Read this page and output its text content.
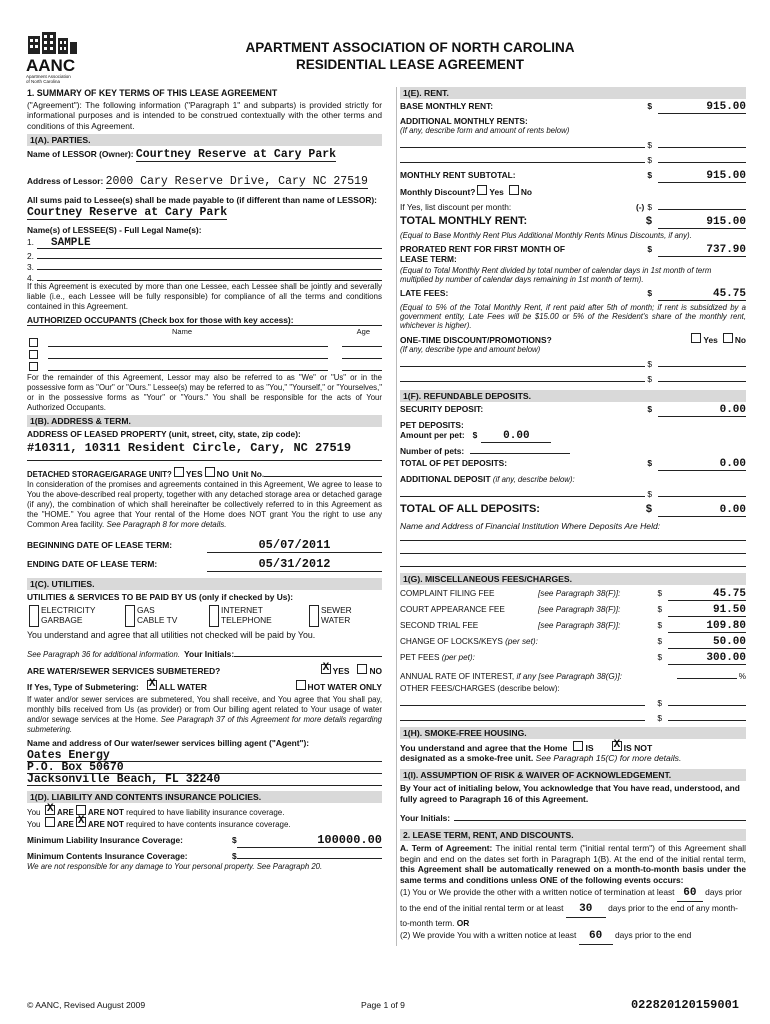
AANC
Apartment Association
of North Carolina
APARTMENT ASSOCIATION OF NORTH CAROLINA
RESIDENTIAL LEASE AGREEMENT
1. SUMMARY OF KEY TERMS OF THIS LEASE AGREEMENT
("Agreement"): The following information ("Paragraph 1" and subparts) is provided strictly for informational purposes and is intended to be construed contextually with the other terms and conditions of this Agreement.
1(A). PARTIES.
Name of LESSOR (Owner): Courtney Reserve at Cary Park
Address of Lessor: 2000 Cary Reserve Drive, Cary NC 27519
All sums paid to Lessee(s) shall be made payable to (if different than name of LESSOR): Courtney Reserve at Cary Park
Name(s) of LESSEE(S) - Full Legal Name(s):
1.	SAMPLE
2.
3.
4.
If this Agreement is executed by more than one Lessee, each Lessee shall be jointly and severally liable (i.e., each Lessee will be fully responsible) for compliance of all the terms and conditions contained in this Agreement.
AUTHORIZED OCCUPANTS (Check box for those with key access):
Name	Age
For the remainder of this Agreement, Lessor may also be referred to as "We" or "Us" or in the possessive form as "Our" or "Ours." Lessee(s) may be referred to as "You," "Yourself," or "Yourselves," or in the possessive forms as "Your" or "Yours." You shall be responsible for the acts of Your Authorized Occupants.
1(B). ADDRESS & TERM.
ADDRESS OF LEASED PROPERTY (unit, street, city, state, zip code):
#10311, 10311 Resident Circle, Cary, NC 27519
DETACHED STORAGE/GARAGE UNIT? YES NO Unit No.
In consideration of the promises and agreements contained in this Agreement, We agree to lease to You the above-described real property, together with any detached storage area or detached garage (if any), the combination of which shall hereinafter be collectively referred to in this Agreement as the "HOME." You agree that Your rental of the Home does NOT grant You the right to use any Common Area facility. See Paragraph 8 for more details.
BEGINNING DATE OF LEASE TERM:	05/07/2011
ENDING DATE OF LEASE TERM:	05/31/2012
1(C). UTILITIES.
UTILITIES & SERVICES TO BE PAID BY US (only if checked by Us):
ELECTRICITY
GARBAGE
GAS
CABLE TV
INTERNET
TELEPHONE
SEWER
WATER
You understand and agree that all utilities not checked will be paid by You.
See Paragraph 36 for additional information. Your Initials:
ARE WATER/SEWER SERVICES SUBMETERED? X	YES NO
If Yes, Type of Submetering: X ALL WATER	HOT WATER ONLY
If water and/or sewer services are submetered, You shall receive, and You agree that You shall pay, monthly bills received from Us (as provider) or from Our billing agent related to Your usage of water and/or sewage services at the Home. See Paragraph 37 of this Agreement for more details regarding submetering.
Name and address of Our water/sewer services billing agent ("Agent"):
Oates Energy
P.O. Box 50670
Jacksonville Beach, FL 32240
1(D). LIABILITY AND CONTENTS INSURANCE POLICIES.
You X	ARE ARE NOT
required to have liability insurance coverage.
You	ARE X ARE NOT
required to have contents insurance coverage.
Minimum Liability Insurance Coverage:	$	100000.00
Minimum Contents Insurance Coverage:	$
We are not responsible for any damage to Your personal property. See Paragraph 20.
1(E). RENT.
BASE MONTHLY RENT:	$	915.00
ADDITIONAL MONTHLY RENTS:
(If any, describe form and amount of rents below)
$
$
MONTHLY RENT SUBTOTAL:	$	915.00
Monthly Discount? Yes No
If Yes, list discount per month:	(-) $
TOTAL MONTHLY RENT:	$	915.00
(Equal to Base Monthly Rent Plus Additional Monthly Rents Minus Discounts, if any).
PRORATED RENT FOR FIRST MONTH OF LEASE TERM:
$	737.90
(Equal to Total Monthly Rent divided by total number of calendar days in 1st month of term multiplied by number of calendar days remaining in 1st month of term).
LATE FEES:	$	45.75
(Equal to 5% of the Total Monthly Rent, if rent paid after 5th of month; if rent is subsidized by a government entity, Late Fees will be $15.00 or 5% of the Resident's share of the monthly rent, whichever is higher).
ONE-TIME DISCOUNT/PROMOTIONS?	Yes No
(If any, describe type and amount below)
$
$
1(F). REFUNDABLE DEPOSITS.
SECURITY DEPOSIT:	$	0.00
PET DEPOSITS:
Amount per pet: $	0.00
Number of pets:
TOTAL OF PET DEPOSITS:	$	0.00
ADDITIONAL DEPOSIT
(if any, describe below):
$
TOTAL OF ALL DEPOSITS:	$	0.00
Name and Address of Financial Institution Where Deposits Are Held:
1(G). MISCELLANEOUS FEES/CHARGES.
COMPLAINT FILING FEE	[see Paragraph 38(F)]:	$	45.75
COURT APPEARANCE FEE	[see Paragraph 38(F)]:	$	91.50
SECOND TRIAL FEE	[see Paragraph 38(F)]:	$	109.80
CHANGE OF LOCKS/KEYS
(per set):	$	50.00
PET FEES
(per pet):	$	300.00
ANNUAL RATE OF INTEREST,
if any [see Paragraph 38(G)]:	%
OTHER FEES/CHARGES (describe below):
$
$
1(H). SMOKE-FREE HOUSING.
You understand and agree that the Home IS X	IS NOT
designated as a smoke-free unit. See Paragraph 15(C) for more details.
1(I). ASSUMPTION OF RISK & WAIVER OF ACKNOWLEDGEMENT.
By Your act of initialing below, You acknowledge that You have read, understood, and fully agreed to Paragraph 16 of this Agreement.
Your Initials:
2. LEASE TERM, RENT, AND DISCOUNTS.
A. Term of Agreement: The initial rental term ("initial rental term") of this Agreement shall begin and end on the dates set forth in Paragraph 1(B). At the end of the initial rental term, this Agreement shall be automatically renewed on a month-to-month basis under the same terms and conditions unless ONE of the following events occurs:
(1) You or We provide the other with a written notice of termination at least 60 days prior to the end of the initial rental term or at least 30 days prior to the end of any month-to-month term. OR
(2) We provide You with a written notice at least 60 days prior to the end
© AANC, Revised August 2009	Page 1 of 9	022820120159001
